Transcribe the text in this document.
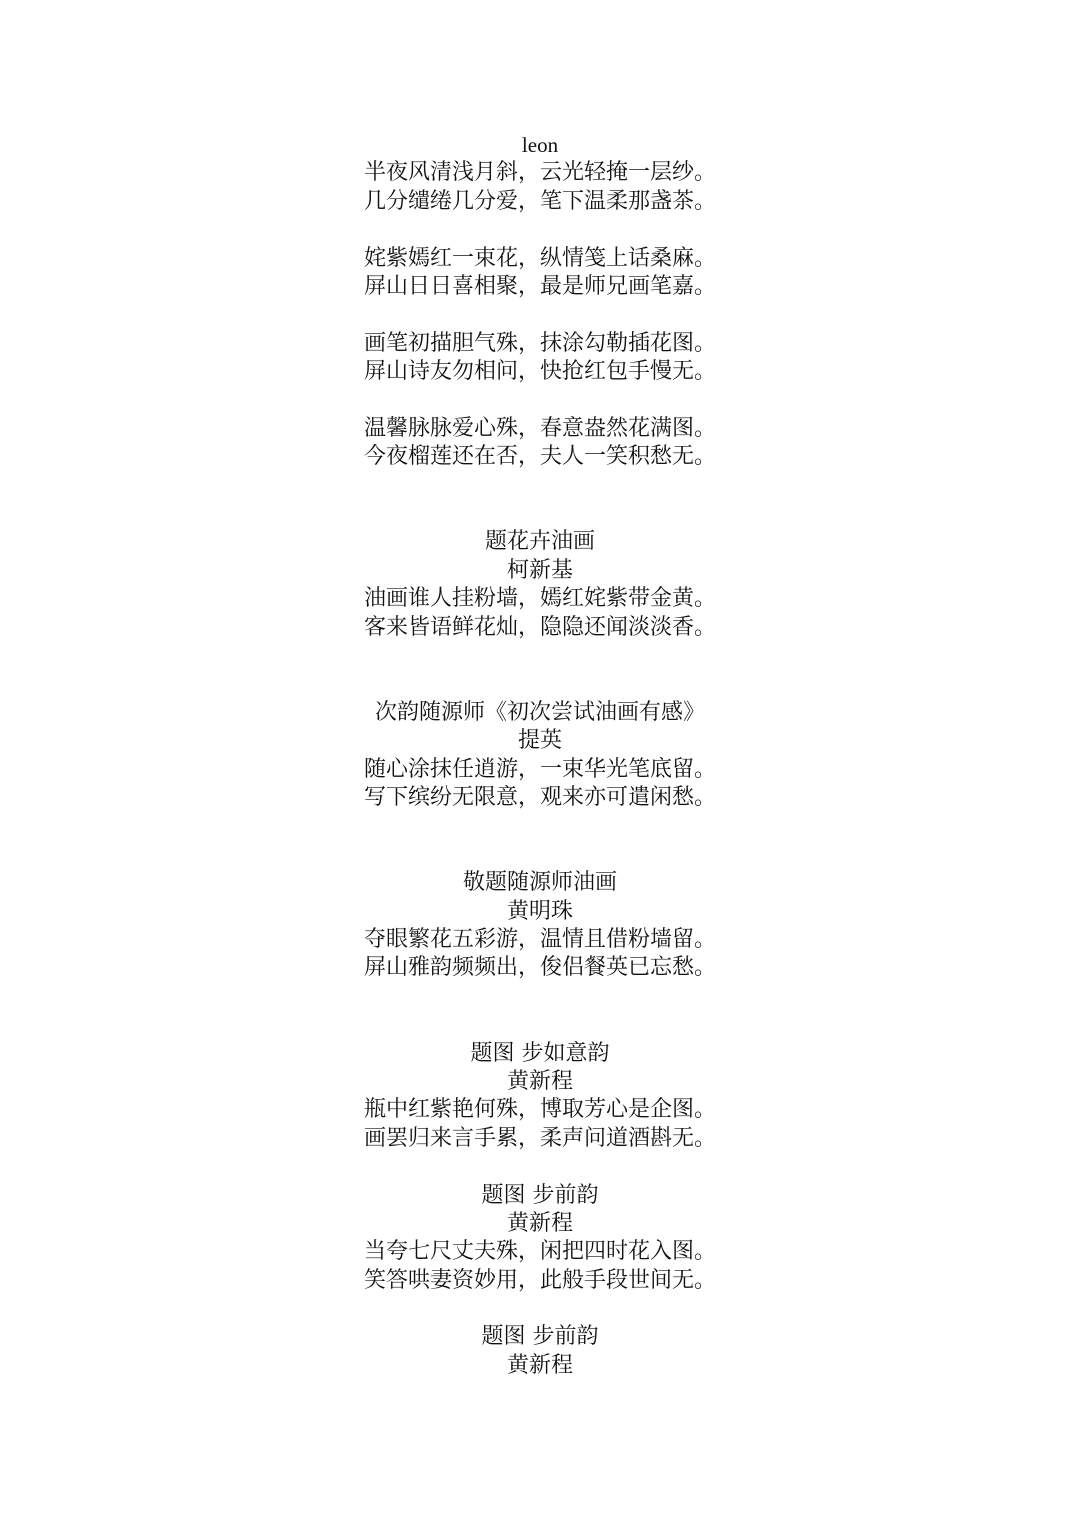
leon
半夜风清浅月斜，云光轻掩一层纱。
几分缱绻几分爱，笔下温柔那盏茶。
姹紫嫣红一束花，纵情笺上话桑麻。
屏山日日喜相聚，最是师兄画笔嘉。
画笔初描胆气殊，抹涂勾勒插花图。
屏山诗友勿相问，快抢红包手慢无。
温馨脉脉爱心殊，春意盎然花满图。
今夜榴莲还在否，夫人一笑积愁无。
题花卉油画
柯新基
油画谁人挂粉墙，嫣红姹紫带金黄。
客来皆语鲜花灿，隐隐还闻淡淡香。
次韵随源师《初次尝试油画有感》
提英
随心涂抹任逍游，一束华光笔底留。
写下缤纷无限意，观来亦可遣闲愁。
敬题随源师油画
黄明珠
夺眼繁花五彩游，温情且借粉墙留。
屏山雅韵频频出，俊侣餐英已忘愁。
题图 步如意韵
黄新程
瓶中红紫艳何殊，博取芳心是企图。
画罢归来言手累，柔声问道酒斟无。
题图 步前韵
黄新程
当夸七尺丈夫殊，闲把四时花入图。
笑答哄妻资妙用，此般手段世间无。
题图 步前韵
黄新程
